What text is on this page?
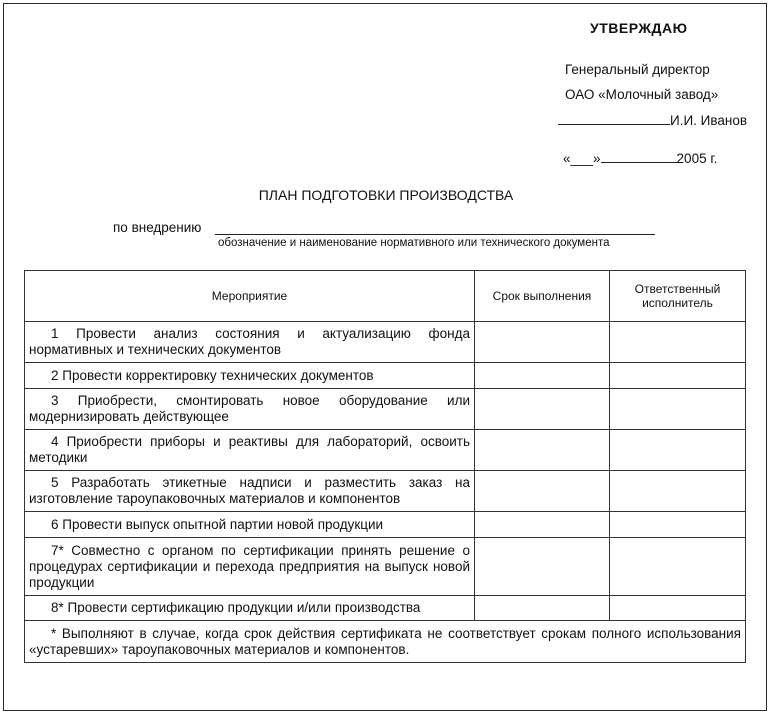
УТВЕРЖДАЮ
Генеральный директор
ОАО «Молочный завод»
И.И. Иванов
«___»	2005 г.
ПЛАН ПОДГОТОВКИ ПРОИЗВОДСТВА
по внедрению
обозначение и наименование нормативного или технического документа
Мероприятие	Срок выполнения	Ответственный исполнитель
1 Провести анализ состояния и актуализацию фонда нормативных и технических документов		
2 Провести корректировку технических документов		
3 Приобрести, смонтировать новое оборудование или модернизировать действующее		
4 Приобрести приборы и реактивы для лабораторий, освоить методики		
5 Разработать этикетные надписи и разместить заказ на изготовление тароупаковочных материалов и компонентов		
6 Провести выпуск опытной партии новой продукции		
7* Совместно с органом по сертификации принять решение о процедурах сертификации и перехода предприятия на выпуск новой продукции		
8* Провести сертификацию продукции и/или производства		
* Выполняют в случае, когда срок действия сертификата не соответствует срокам полного использования «устаревших» тароупаковочных материалов и компонентов.		
